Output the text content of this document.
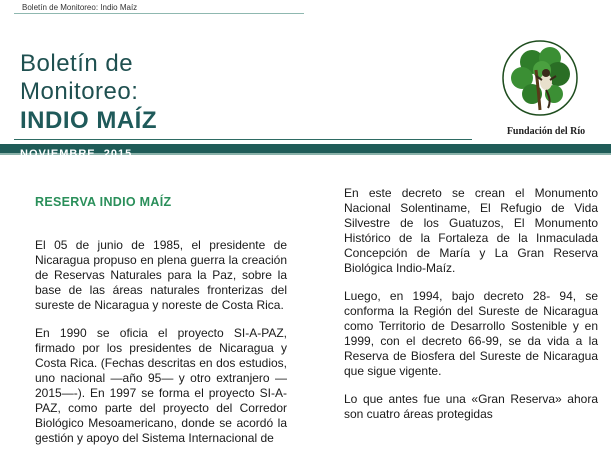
Boletín de Monitoreo: Indio Maíz
Boletín de
Monitoreo:
INDIO MAÍZ
NOVIEMBRE, 2015
Fundación del Río
RESERVA INDIO MAÍZ

El 05 de junio de 1985, el presidente de Nicaragua propuso en plena guerra la creación de Reservas Naturales para la Paz, sobre la base de las áreas naturales fronterizas del sureste de Nicaragua y noreste de Costa Rica.

En 1990 se oficia el proyecto SI-A-PAZ, firmado por los presidentes de Nicaragua y Costa Rica. (Fechas descritas en dos estudios, uno nacional —año 95— y otro extranjero —2015—-). En 1997 se forma el proyecto SI-A-PAZ, como parte del proyecto del Corredor Biológico Mesoamericano, donde se acordó la gestión y apoyo del Sistema Internacional de

En este decreto se crean el Monumento Nacional Solentiname, El Refugio de Vida Silvestre de los Guatuzos, El Monumento Histórico de la Fortaleza de la Inmaculada Concepción de María y La Gran Reserva Biológica Indio-Maíz.

Luego, en 1994, bajo decreto 28- 94, se conforma la Región del Sureste de Nicaragua como Territorio de Desarrollo Sostenible y en 1999, con el decreto 66-99, se da vida a la Reserva de Biosfera del Sureste de Nicaragua que sigue vigente.

Lo que antes fue una «Gran Reserva» ahora son cuatro áreas protegidas
